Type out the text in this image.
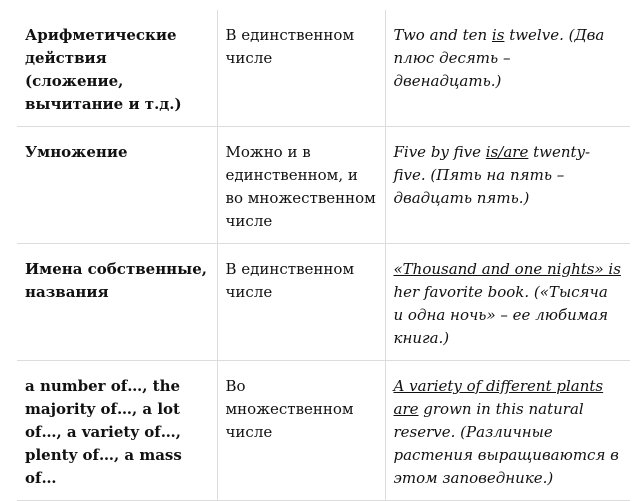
Арифметические действия (сложение, вычитание и т.д.)	В единственном числе	Two and ten is twelve. (Два плюс десять – двенадцать.)
Умножение	Можно и в единственном, и во множественном числе	Five by five is/are twenty-five. (Пять на пять – двадцать пять.)
Имена собственные, названия	В единственном числе	«Thousand and one nights» is her favorite book. («Тысяча и одна ночь» – ее любимая книга.)
a number of…, the majority of…, a lot of…, a variety of…, plenty of…, a mass of…	Во множественном числе	A variety of different plants are grown in this natural reserve. (Различные растения выращиваются в этом заповеднике.)
